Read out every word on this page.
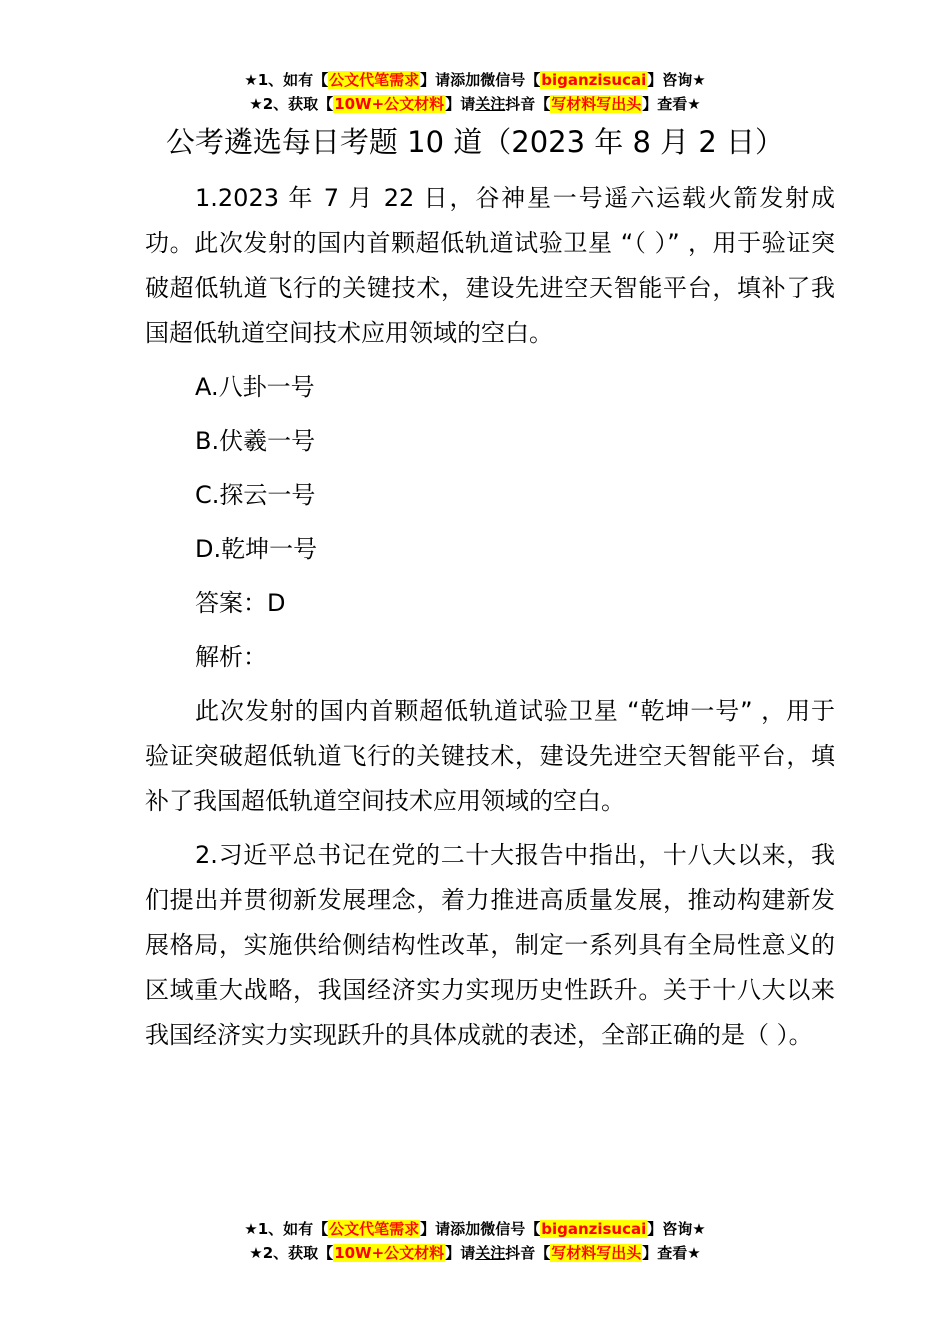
★1、如有【公文代笔需求】请添加微信号【biganzisucai】咨询★
★2、获取【10W+公文材料】请关注抖音【写材料写出头】查看★
公考遴选每日考题 10 道（2023 年 8 月 2 日）

1.2023 年 7 月 22 日，谷神星一号遥六运载火箭发射成功。此次发射的国内首颗超低轨道试验卫星 “（ ）” ，用于验证突破超低轨道飞行的关键技术，建设先进空天智能平台，填补了我国超低轨道空间技术应用领域的空白。

A.八卦一号
B.伏羲一号
C.探云一号
D.乾坤一号
答案：D
解析：

此次发射的国内首颗超低轨道试验卫星 “乾坤一号” ，用于验证突破超低轨道飞行的关键技术，建设先进空天智能平台，填补了我国超低轨道空间技术应用领域的空白。

2.习近平总书记在党的二十大报告中指出，十八大以来，我们提出并贯彻新发展理念，着力推进高质量发展，推动构建新发展格局，实施供给侧结构性改革，制定一系列具有全局性意义的区域重大战略，我国经济实力实现历史性跃升。关于十八大以来我国经济实力实现跃升的具体成就的表述，全部正确的是（ ）。

★1、如有【公文代笔需求】请添加微信号【biganzisucai】咨询★
★2、获取【10W+公文材料】请关注抖音【写材料写出头】查看★
